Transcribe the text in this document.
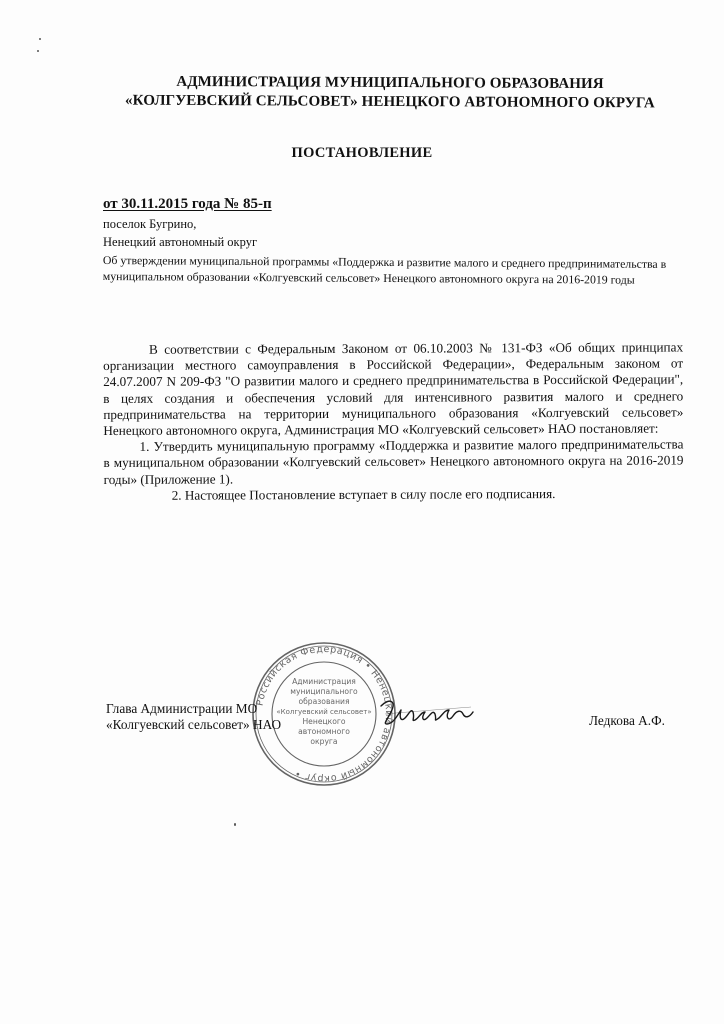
АДМИНИСТРАЦИЯ МУНИЦИПАЛЬНОГО ОБРАЗОВАНИЯ
«КОЛГУЕВСКИЙ СЕЛЬСОВЕТ» НЕНЕЦКОГО АВТОНОМНОГО ОКРУГА
ПОСТАНОВЛЕНИЕ
от 30.11.2015 года № 85-п
поселок Бугрино,
Ненецкий автономный округ
Об утверждении муниципальной программы «Поддержка и развитие малого и среднего предпринимательства в муниципальном образовании «Колгуевский сельсовет» Ненецкого автономного округа на 2016-2019 годы

В соответствии с Федеральным Законом от 06.10.2003 № 131-ФЗ «Об общих принципах организации местного самоуправления в Российской Федерации», Федеральным законом от 24.07.2007 N 209-ФЗ "О развитии малого и среднего предпринимательства в Российской Федерации", в целях создания и обеспечения условий для интенсивного развития малого и среднего предпринимательства на территории муниципального образования «Колгуевский сельсовет» Ненецкого автономного округа, Администрация МО «Колгуевский сельсовет» НАО постановляет:

1. Утвердить муниципальную программу «Поддержка и развитие малого предпринимательства в муниципальном образовании «Колгуевский сельсовет» Ненецкого автономного округа на 2016-2019 годы» (Приложение 1).

2. Настоящее Постановление вступает в силу после его подписания.

Российская Федерация • Ненецкий автономный округ •
Администрация
муниципального
образования
«Колгуевский сельсовет»
Ненецкого
автономного
округа
Глава Администрации МО
«Колгуевский сельсовет» НАО	Ледкова А.Ф.
